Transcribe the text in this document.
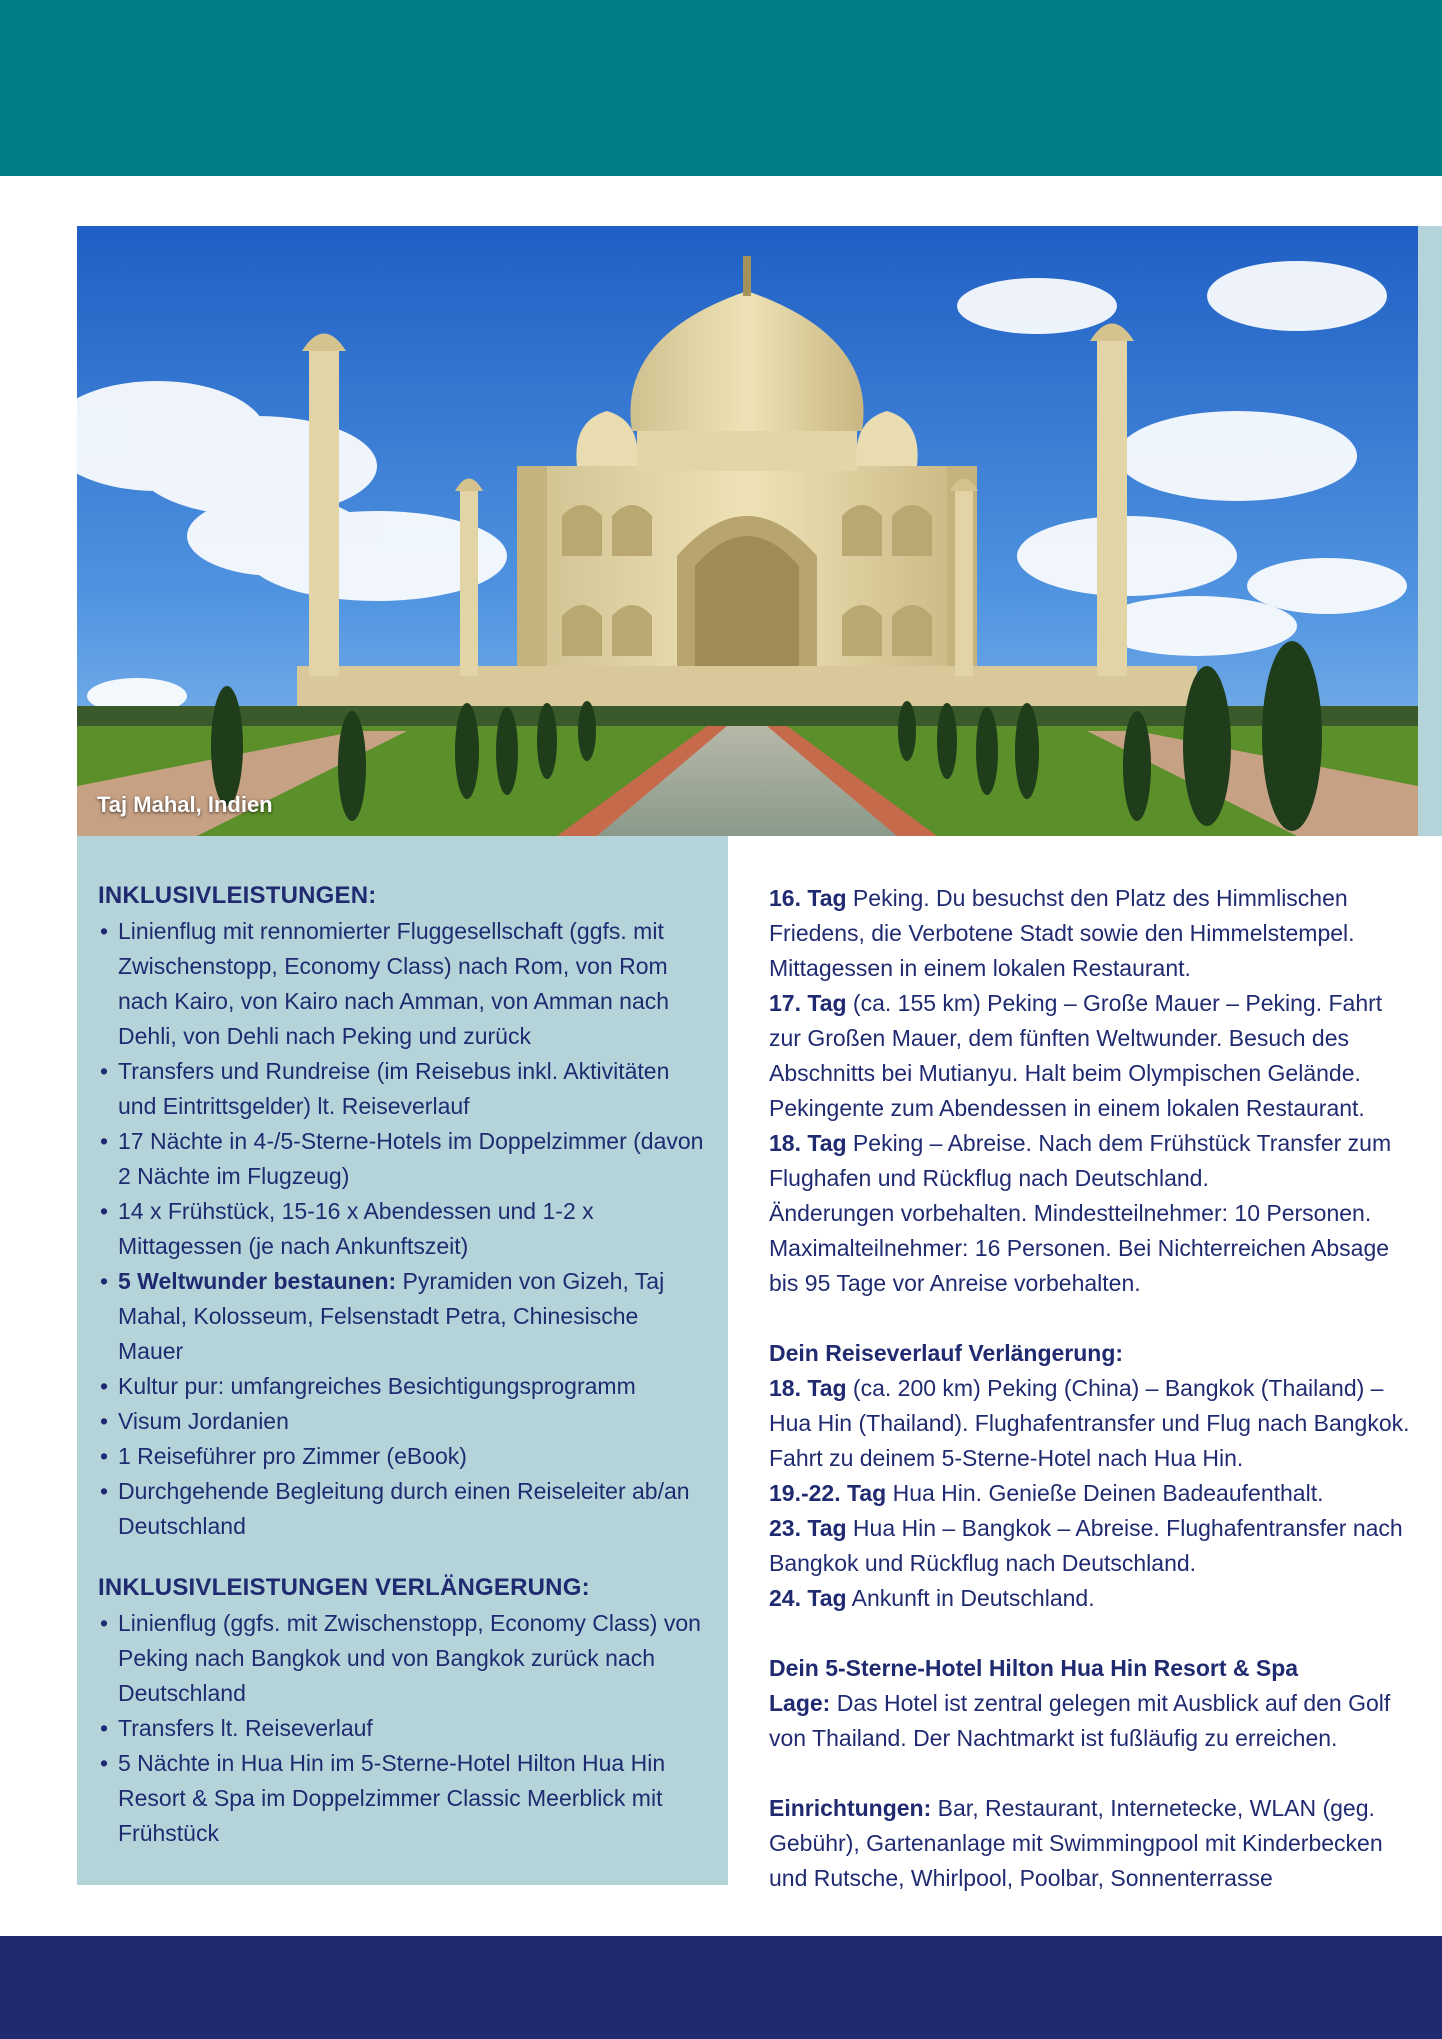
Taj Mahal, Indien
INKLUSIVLEISTUNGEN:
• Linienflug mit rennomierter Fluggesellschaft (ggfs. mit Zwischenstopp, Economy Class) nach Rom, von Rom nach Kairo, von Kairo nach Amman, von Amman nach Dehli, von Dehli nach Peking und zurück
• Transfers und Rundreise (im Reisebus inkl. Aktivitäten und Eintrittsgelder) lt. Reiseverlauf
• 17 Nächte in 4-/5-Sterne-Hotels im Doppelzimmer (davon 2 Nächte im Flugzeug)
• 14 x Frühstück, 15-16 x Abendessen und 1-2 x Mittagessen (je nach Ankunftszeit)
• 5 Weltwunder bestaunen: Pyramiden von Gizeh, Taj Mahal, Kolosseum, Felsenstadt Petra, Chinesische Mauer
• Kultur pur: umfangreiches Besichtigungsprogramm
• Visum Jordanien
• 1 Reiseführer pro Zimmer (eBook)
• Durchgehende Begleitung durch einen Reiseleiter ab/an Deutschland
INKLUSIVLEISTUNGEN VERLÄNGERUNG:
• Linienflug (ggfs. mit Zwischenstopp, Economy Class) von Peking nach Bangkok und von Bangkok zurück nach Deutschland
• Transfers lt. Reiseverlauf
• 5 Nächte in Hua Hin im 5-Sterne-Hotel Hilton Hua Hin Resort & Spa im Doppelzimmer Classic Meerblick mit Frühstück

16. Tag Peking. Du besuchst den Platz des Himmlischen Friedens, die Verbotene Stadt sowie den Himmelstempel. Mittagessen in einem lokalen Restaurant.

17. Tag (ca. 155 km) Peking – Große Mauer – Peking. Fahrt zur Großen Mauer, dem fünften Weltwunder. Besuch des Abschnitts bei Mutianyu. Halt beim Olympischen Gelände. Pekingente zum Abendessen in einem lokalen Restaurant.

18. Tag Peking – Abreise. Nach dem Frühstück Transfer zum Flughafen und Rückflug nach Deutschland.

Änderungen vorbehalten. Mindestteilnehmer: 10 Personen. Maximalteilnehmer: 16 Personen. Bei Nichterreichen Absage bis 95 Tage vor Anreise vorbehalten.

Dein Reiseverlauf Verlängerung:

18. Tag (ca. 200 km) Peking (China) – Bangkok (Thailand) – Hua Hin (Thailand). Flughafentransfer und Flug nach Bangkok. Fahrt zu deinem 5-Sterne-Hotel nach Hua Hin.

19.-22. Tag Hua Hin. Genieße Deinen Badeaufenthalt.

23. Tag Hua Hin – Bangkok – Abreise. Flughafentransfer nach Bangkok und Rückflug nach Deutschland.

24. Tag Ankunft in Deutschland.

Dein 5-Sterne-Hotel Hilton Hua Hin Resort & Spa

Lage: Das Hotel ist zentral gelegen mit Ausblick auf den Golf von Thailand. Der Nachtmarkt ist fußläufig zu erreichen.

Einrichtungen: Bar, Restaurant, Internetecke, WLAN (geg. Gebühr), Gartenanlage mit Swimmingpool mit Kinderbecken und Rutsche, Whirlpool, Poolbar, Sonnenterrasse
